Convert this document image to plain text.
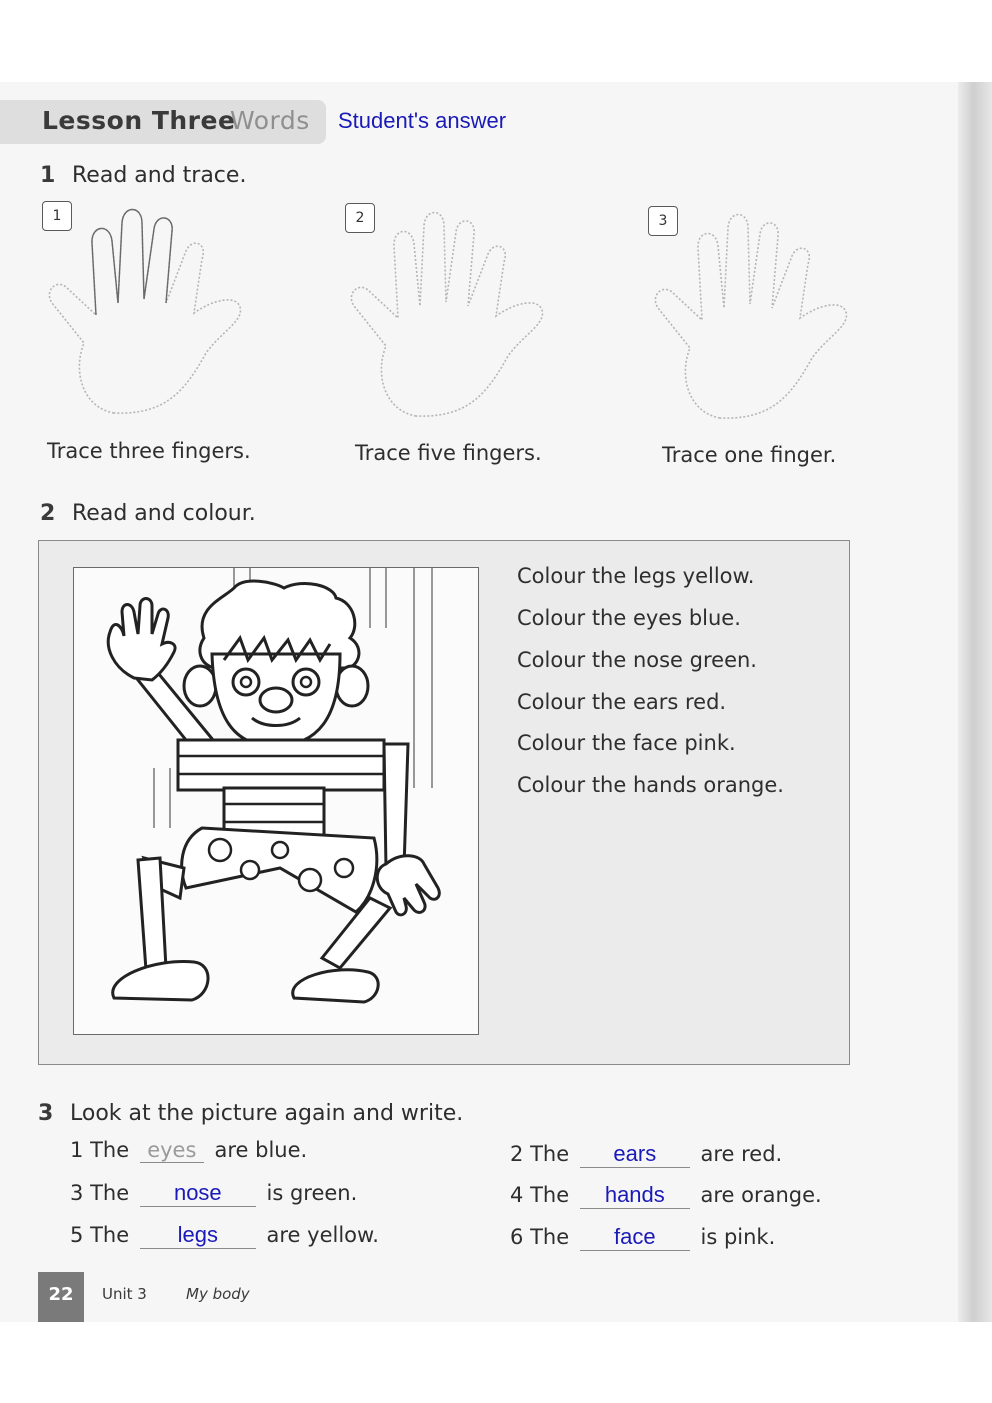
Lesson Three
Words Student's answer
1 Read and trace.
1	2	3
Trace three fingers.	Trace five fingers.	Trace one finger.
2 Read and colour.
Colour the legs yellow.
Colour the eyes blue.
Colour the nose green.
Colour the ears red.
Colour the face pink.
Colour the hands orange.
3 Look at the picture again and write.
1 The eyes are blue.	2 The ears are red.
3 The nose is green.	4 The hands are orange.
5 The legs are yellow.	6 The face is pink.
22	Unit 3	My body
